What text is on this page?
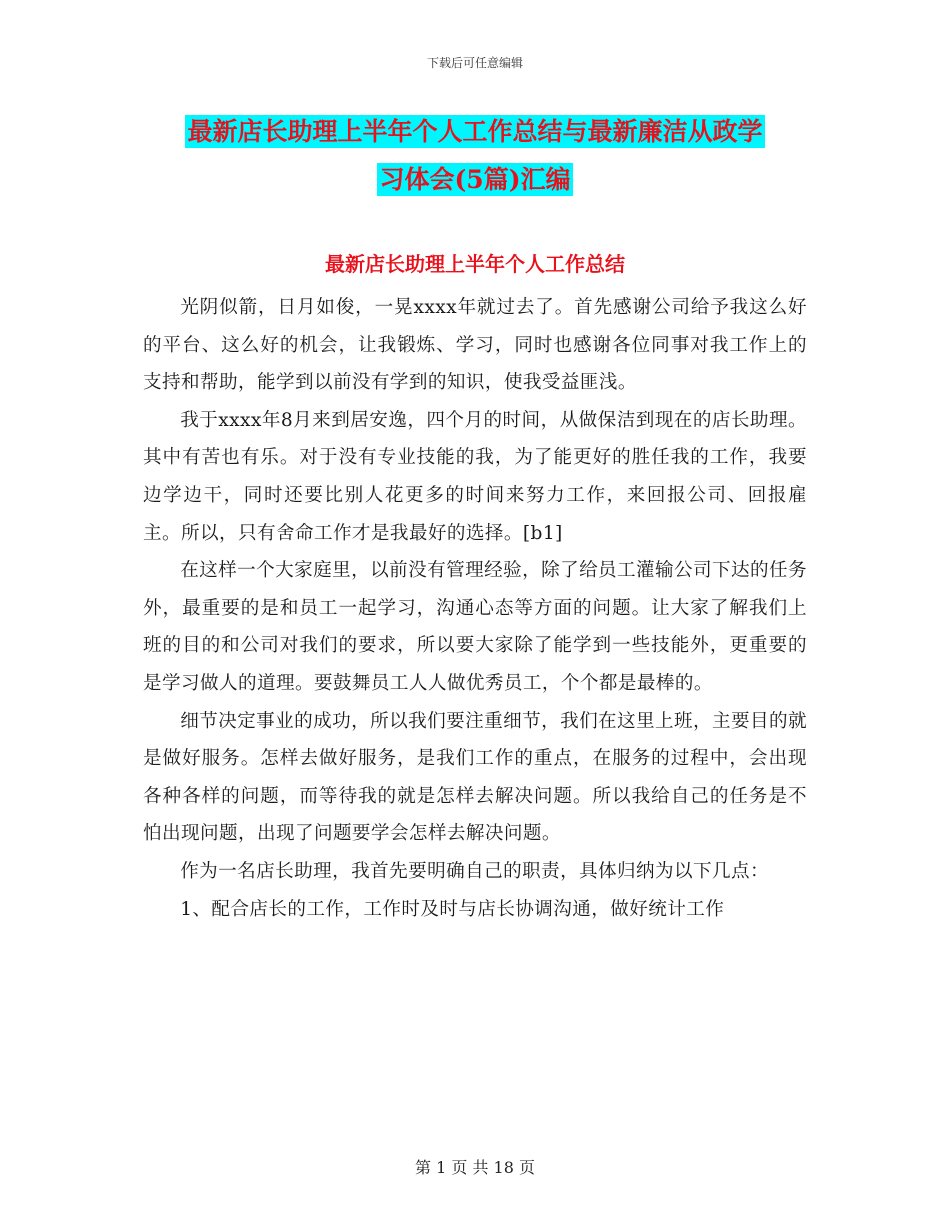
下载后可任意编辑
最新店长助理上半年个人工作总结与最新廉洁从政学
习体会(5篇)汇编
最新店长助理上半年个人工作总结

光阴似箭，日月如俊，一晃xxxx年就过去了。首先感谢公司给予我这么好的平台、这么好的机会，让我锻炼、学习，同时也感谢各位同事对我工作上的支持和帮助，能学到以前没有学到的知识，使我受益匪浅。

我于xxxx年8月来到居安逸，四个月的时间，从做保洁到现在的店长助理。其中有苦也有乐。对于没有专业技能的我，为了能更好的胜任我的工作，我要边学边干，同时还要比别人花更多的时间来努力工作，来回报公司、回报雇主。所以，只有舍命工作才是我最好的选择。[b1]

在这样一个大家庭里，以前没有管理经验，除了给员工灌输公司下达的任务外，最重要的是和员工一起学习，沟通心态等方面的问题。让大家了解我们上班的目的和公司对我们的要求，所以要大家除了能学到一些技能外，更重要的是学习做人的道理。要鼓舞员工人人做优秀员工，个个都是最棒的。

细节决定事业的成功，所以我们要注重细节，我们在这里上班，主要目的就是做好服务。怎样去做好服务，是我们工作的重点，在服务的过程中，会出现各种各样的问题，而等待我的就是怎样去解决问题。所以我给自己的任务是不怕出现问题，出现了问题要学会怎样去解决问题。

作为一名店长助理，我首先要明确自己的职责，具体归纳为以下几点：

1、配合店长的工作，工作时及时与店长协调沟通，做好统计工作

第 1 页 共 18 页
